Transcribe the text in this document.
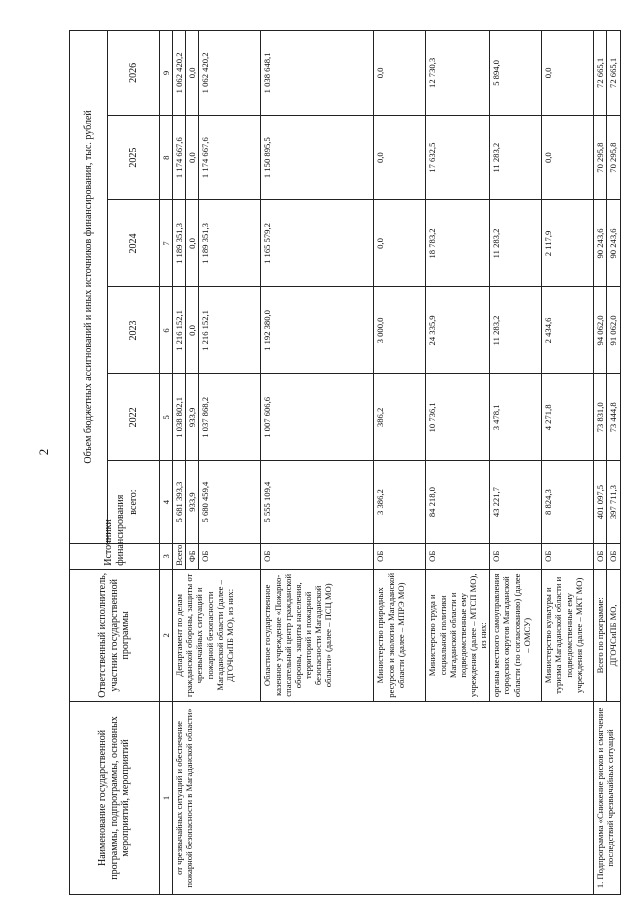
2
Наименование государственной программы, подпрограммы, основных мероприятий, мероприятий	Ответственный исполнитель, участник государственной программы	Источники финансирования	Объем бюджетных ассигнований и иных источников финансирования, тыс. рублей					
			всего:	2022	2023	2024	2025	2026
1	2	3	4	5	6	7	8	9
от чрезвычайных ситуаций и обеспечение пожарной безопасности в Магаданской области»	Департамент по делам гражданской обороны, защиты от чрезвычайных ситуаций и пожарной безопасности Магаданской области (далее – ДГОЧСиПБ МО), из них:	Всего:	5 681 393,3	1 038 802,1	1 216 152,1	1 189 351,3	1 174 667,6	1 062 420,2
		ФБ	933,9	933,9	0,0	0,0	0,0	0,0
		ОБ	5 680 459,4	1 037 868,2	1 216 152,1	1 189 351,3	1 174 667,6	1 062 420,2
	Областное государственное казенное учреждение «Пожарно-спасательный центр гражданской обороны, защиты населения, территорий и пожарной безопасности Магаданской области» (далее – ПСЦ МО)	ОБ	5 555 109,4	1 007 606,6	1 192 380,0	1 165 579,2	1 150 895,5	1 038 648,1
	Министерство природных ресурсов и экологии Магаданской области (далее – МПРЭ МО)	ОБ	3 386,2	386,2	3 000,0	0,0	0,0	0,0
	Министерство труда и социальной политики Магаданской области и подведомственные ему учреждения (далее – МТСП МО), из них:	ОБ	84 218,0	10 736,1	24 335,9	18 783,2	17 632,5	12 730,3
	органы местного самоуправления городских округов Магаданской области (по согласованию) (далее – ОМСУ)	ОБ	43 221,7	3 478,1	11 283,2	11 283,2	11 283,2	5 894,0
	Министерство культуры и туризма Магаданской области и подведомственные ему учреждения (далее – МКТ МО)	ОБ	8 824,3	4 271,8	2 434,6	2 117,9	0,0	0,0
1. Подпрограмма «Снижение рисков и смягчение последствий чрезвычайных ситуаций	Всего по программе:	ОБ	401 097,5	73 831,0	94 062,0	90 243,6	70 295,8	72 665,1
	ДГОЧСиПБ МО,	ОБ	397 711,3	73 444,8	91 062,0	90 243,6	70 295,8	72 665,1
